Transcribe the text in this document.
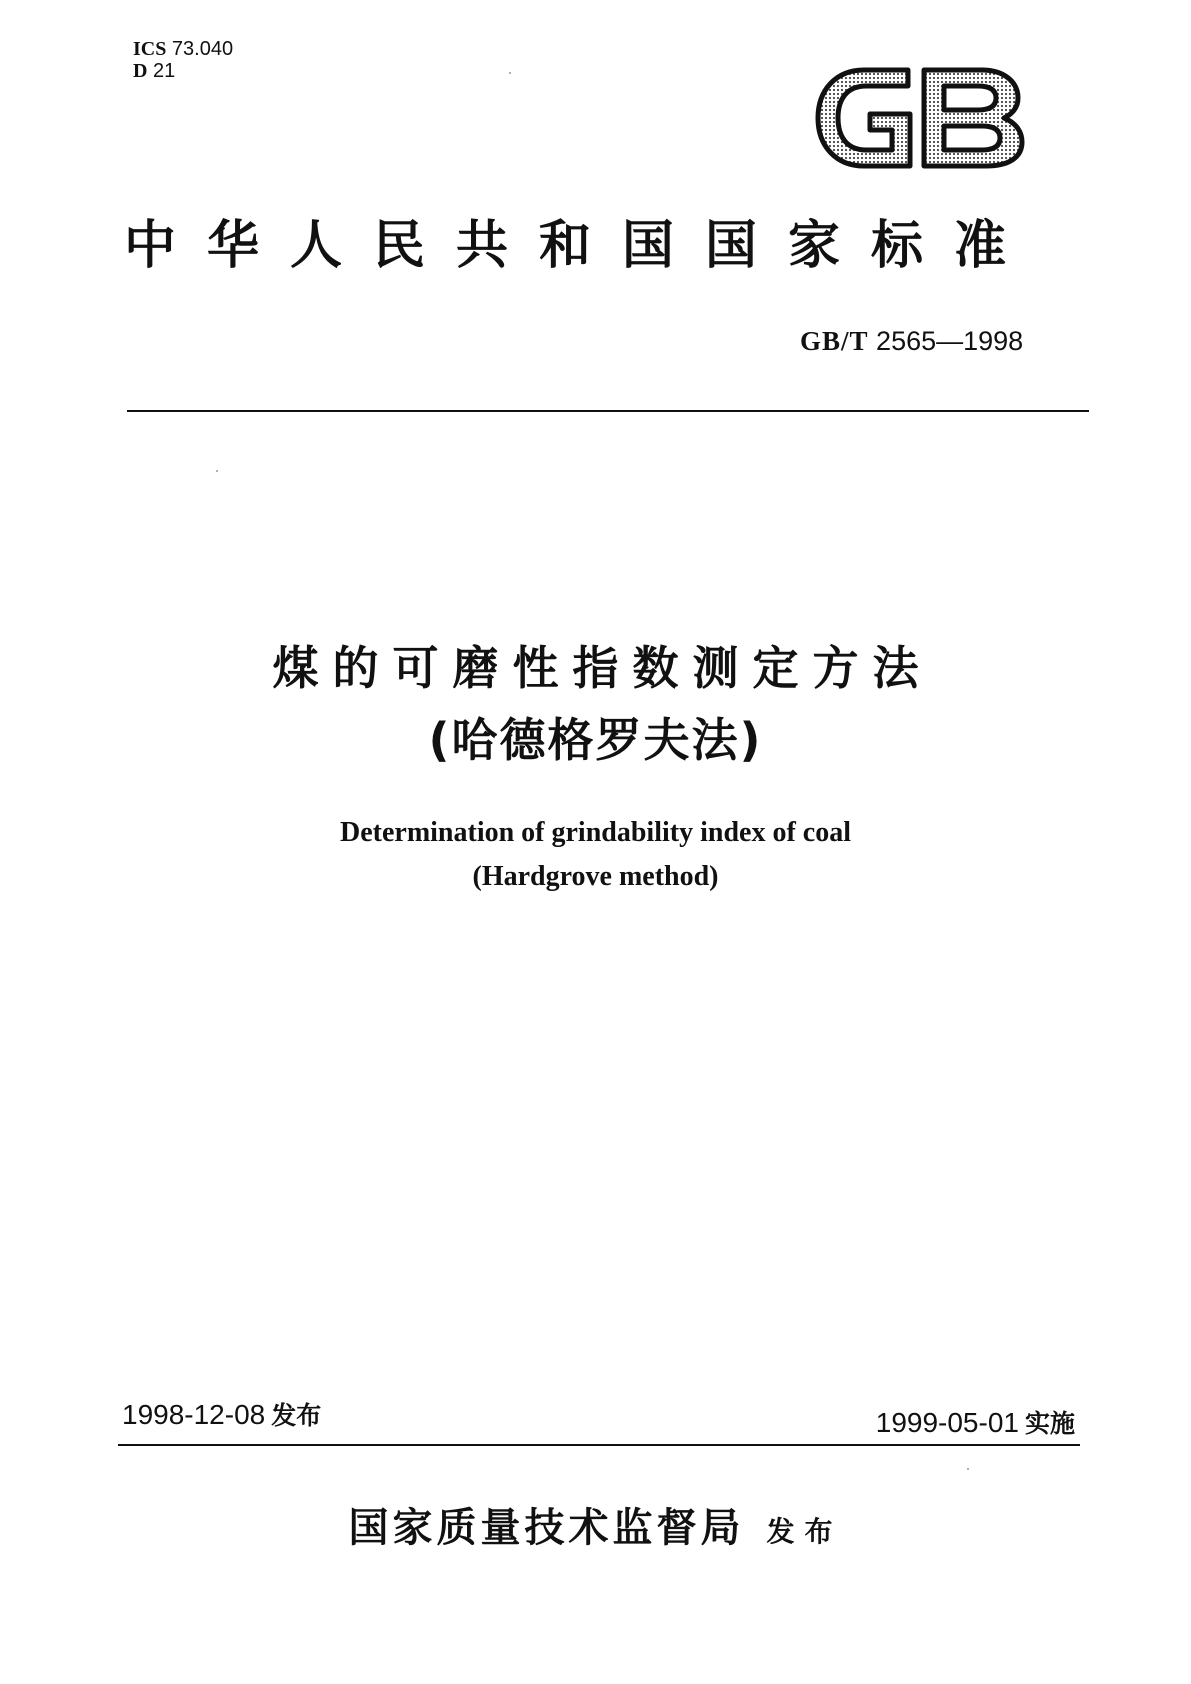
ICS 73.040
D 21
中华人民共和国国家标准
GB/T 2565—1998
煤的可磨性指数测定方法
(哈德格罗夫法)
Determination of grindability index of coal
(Hardgrove method)
1998-12-08 发布	1999-05-01 实施
国家质量技术监督局 发布
